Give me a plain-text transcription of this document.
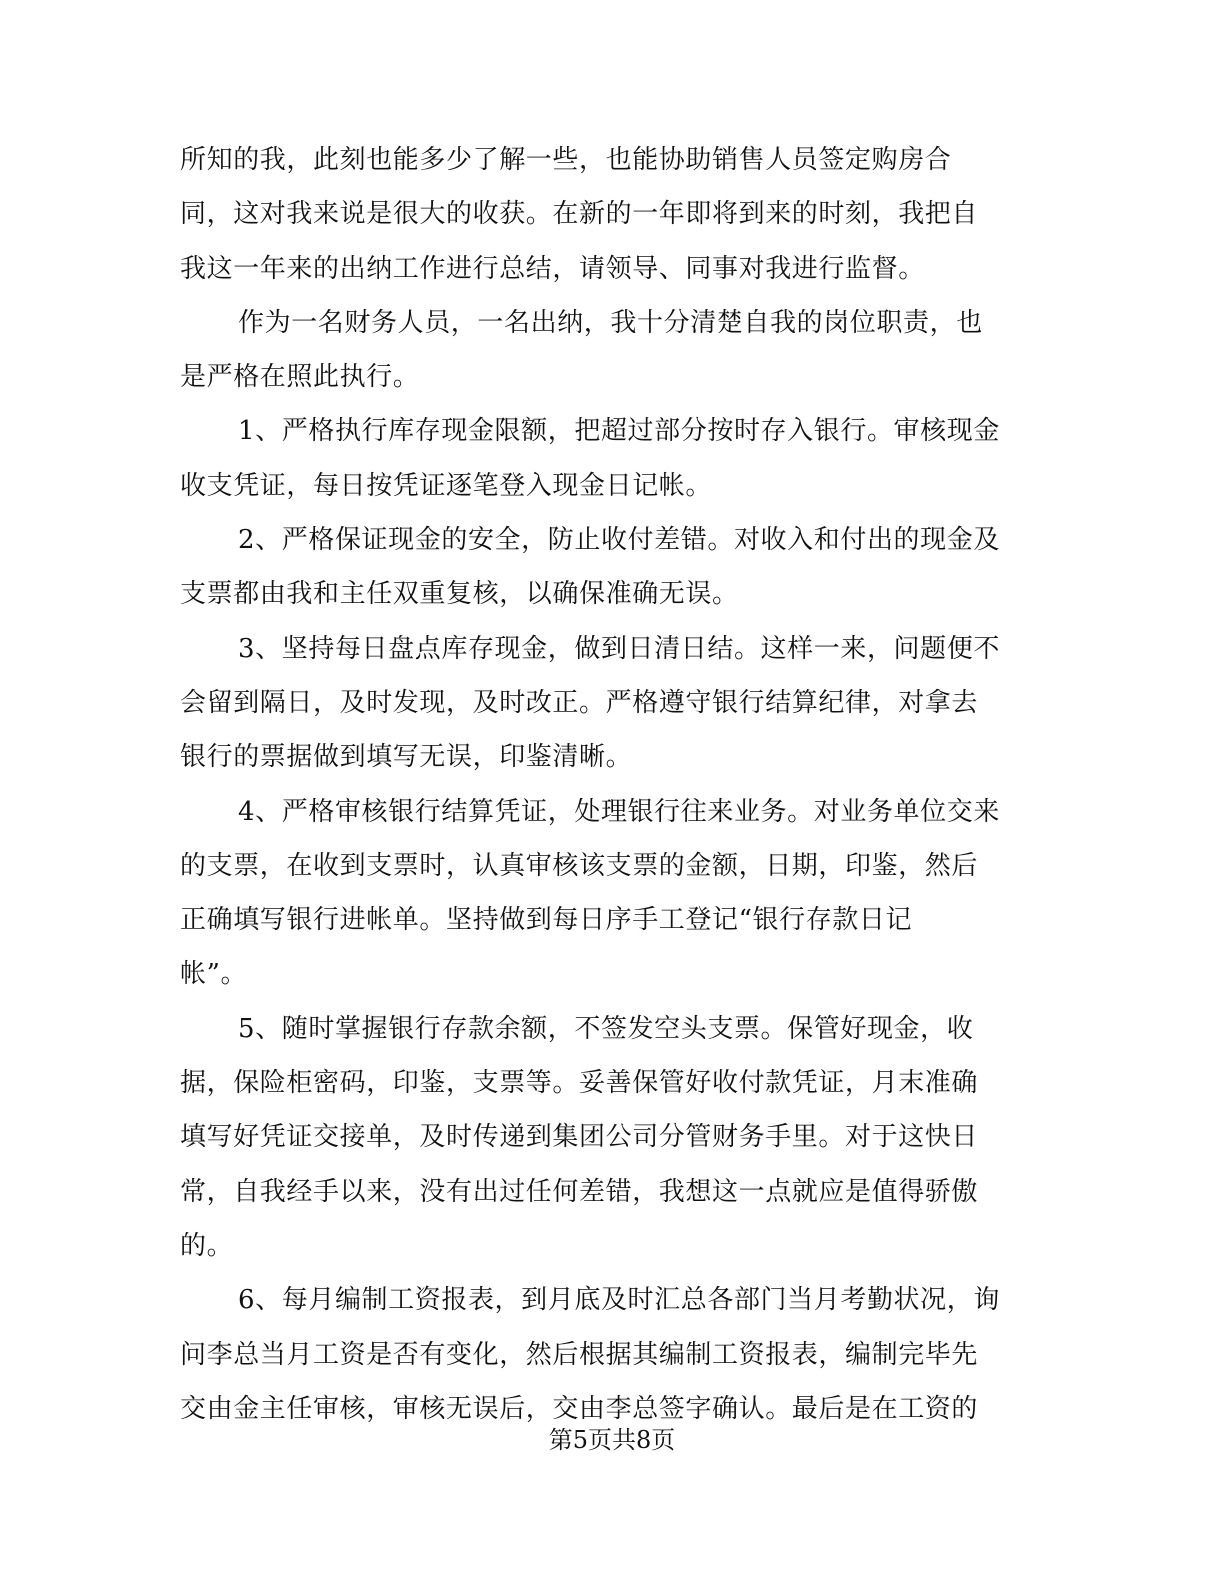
所知的我，此刻也能多少了解一些，也能协助销售人员签定购房合
同，这对我来说是很大的收获。在新的一年即将到来的时刻，我把自
我这一年来的出纳工作进行总结，请领导、同事对我进行监督。
作为一名财务人员，一名出纳，我十分清楚自我的岗位职责，也
是严格在照此执行。
1、严格执行库存现金限额，把超过部分按时存入银行。审核现金
收支凭证，每日按凭证逐笔登入现金日记帐。
2、严格保证现金的安全，防止收付差错。对收入和付出的现金及
支票都由我和主任双重复核，以确保准确无误。
3、坚持每日盘点库存现金，做到日清日结。这样一来，问题便不
会留到隔日，及时发现，及时改正。严格遵守银行结算纪律，对拿去
银行的票据做到填写无误，印鉴清晰。
4、严格审核银行结算凭证，处理银行往来业务。对业务单位交来
的支票，在收到支票时，认真审核该支票的金额，日期，印鉴，然后
正确填写银行进帐单。坚持做到每日序手工登记“银行存款日记
帐”。
5、随时掌握银行存款余额，不签发空头支票。保管好现金，收
据，保险柜密码，印鉴，支票等。妥善保管好收付款凭证，月末准确
填写好凭证交接单，及时传递到集团公司分管财务手里。对于这快日
常，自我经手以来，没有出过任何差错，我想这一点就应是值得骄傲
的。
6、每月编制工资报表，到月底及时汇总各部门当月考勤状况，询
问李总当月工资是否有变化，然后根据其编制工资报表，编制完毕先
交由金主任审核，审核无误后，交由李总签字确认。最后是在工资的
第5页共8页
